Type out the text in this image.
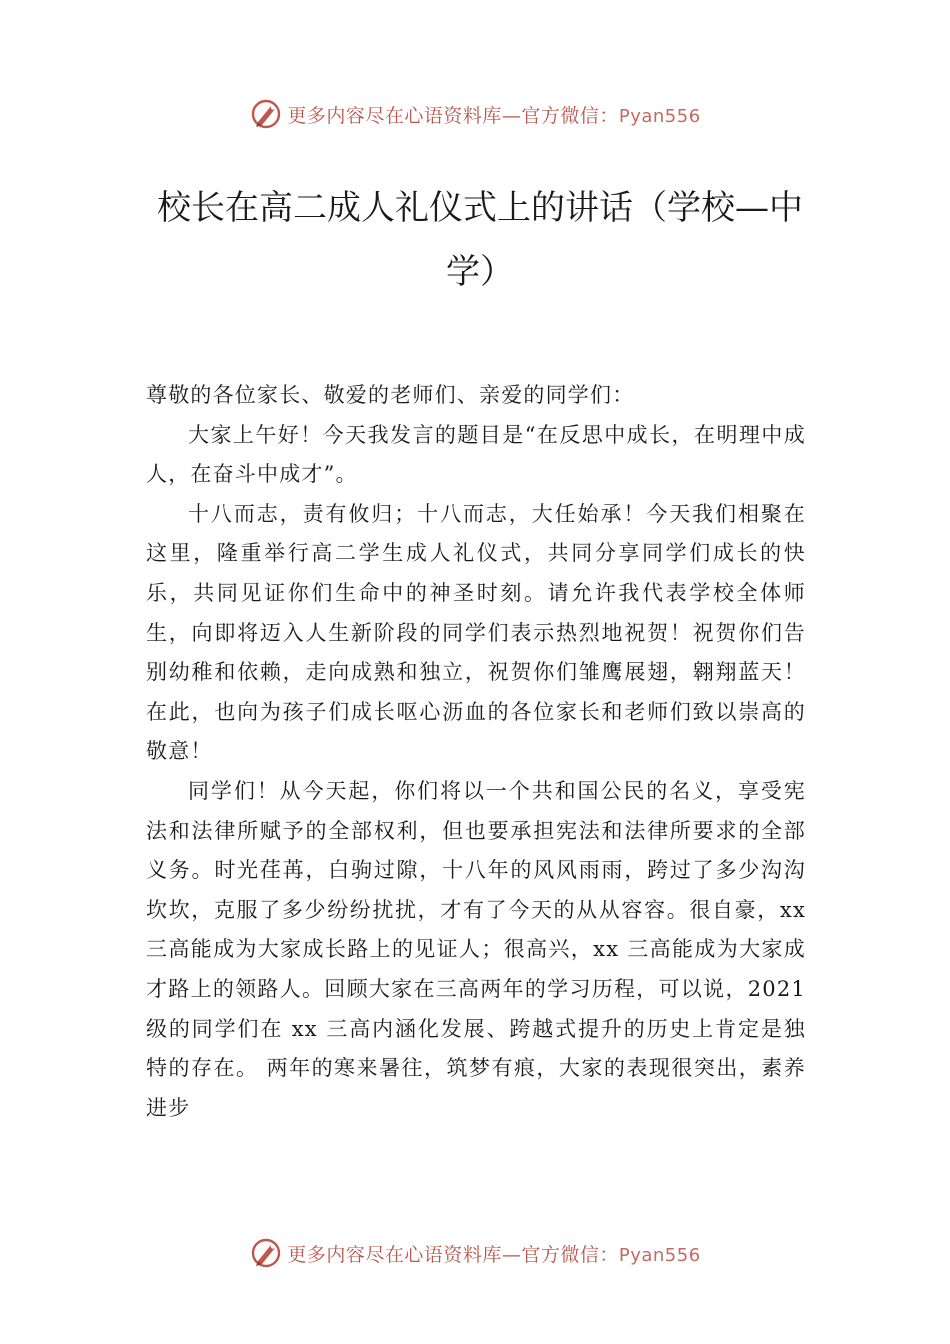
更多内容尽在心语资料库—官方微信：Pyan556
校长在高二成人礼仪式上的讲话（学校—中学）

尊敬的各位家长、敬爱的老师们、亲爱的同学们：

大家上午好！今天我发言的题目是“在反思中成长，在明理中成人，在奋斗中成才”。

十八而志，责有攸归；十八而志，大任始承！今天我们相聚在这里，隆重举行高二学生成人礼仪式，共同分享同学们成长的快乐，共同见证你们生命中的神圣时刻。请允许我代表学校全体师生，向即将迈入人生新阶段的同学们表示热烈地祝贺！祝贺你们告别幼稚和依赖，走向成熟和独立，祝贺你们雏鹰展翅，翱翔蓝天！在此，也向为孩子们成长呕心沥血的各位家长和老师们致以崇高的敬意！

同学们！从今天起，你们将以一个共和国公民的名义，享受宪法和法律所赋予的全部权利，但也要承担宪法和法律所要求的全部义务。时光荏苒，白驹过隙，十八年的风风雨雨，跨过了多少沟沟坎坎，克服了多少纷纷扰扰，才有了今天的从从容容。很自豪，xx 三高能成为大家成长路上的见证人；很高兴，xx 三高能成为大家成才路上的领路人。回顾大家在三高两年的学习历程，可以说，2021 级的同学们在 xx 三高内涵化发展、跨越式提升的历史上肯定是独特的存在。 两年的寒来暑往，筑梦有痕，大家的表现很突出，素养进步

更多内容尽在心语资料库—官方微信：Pyan556
